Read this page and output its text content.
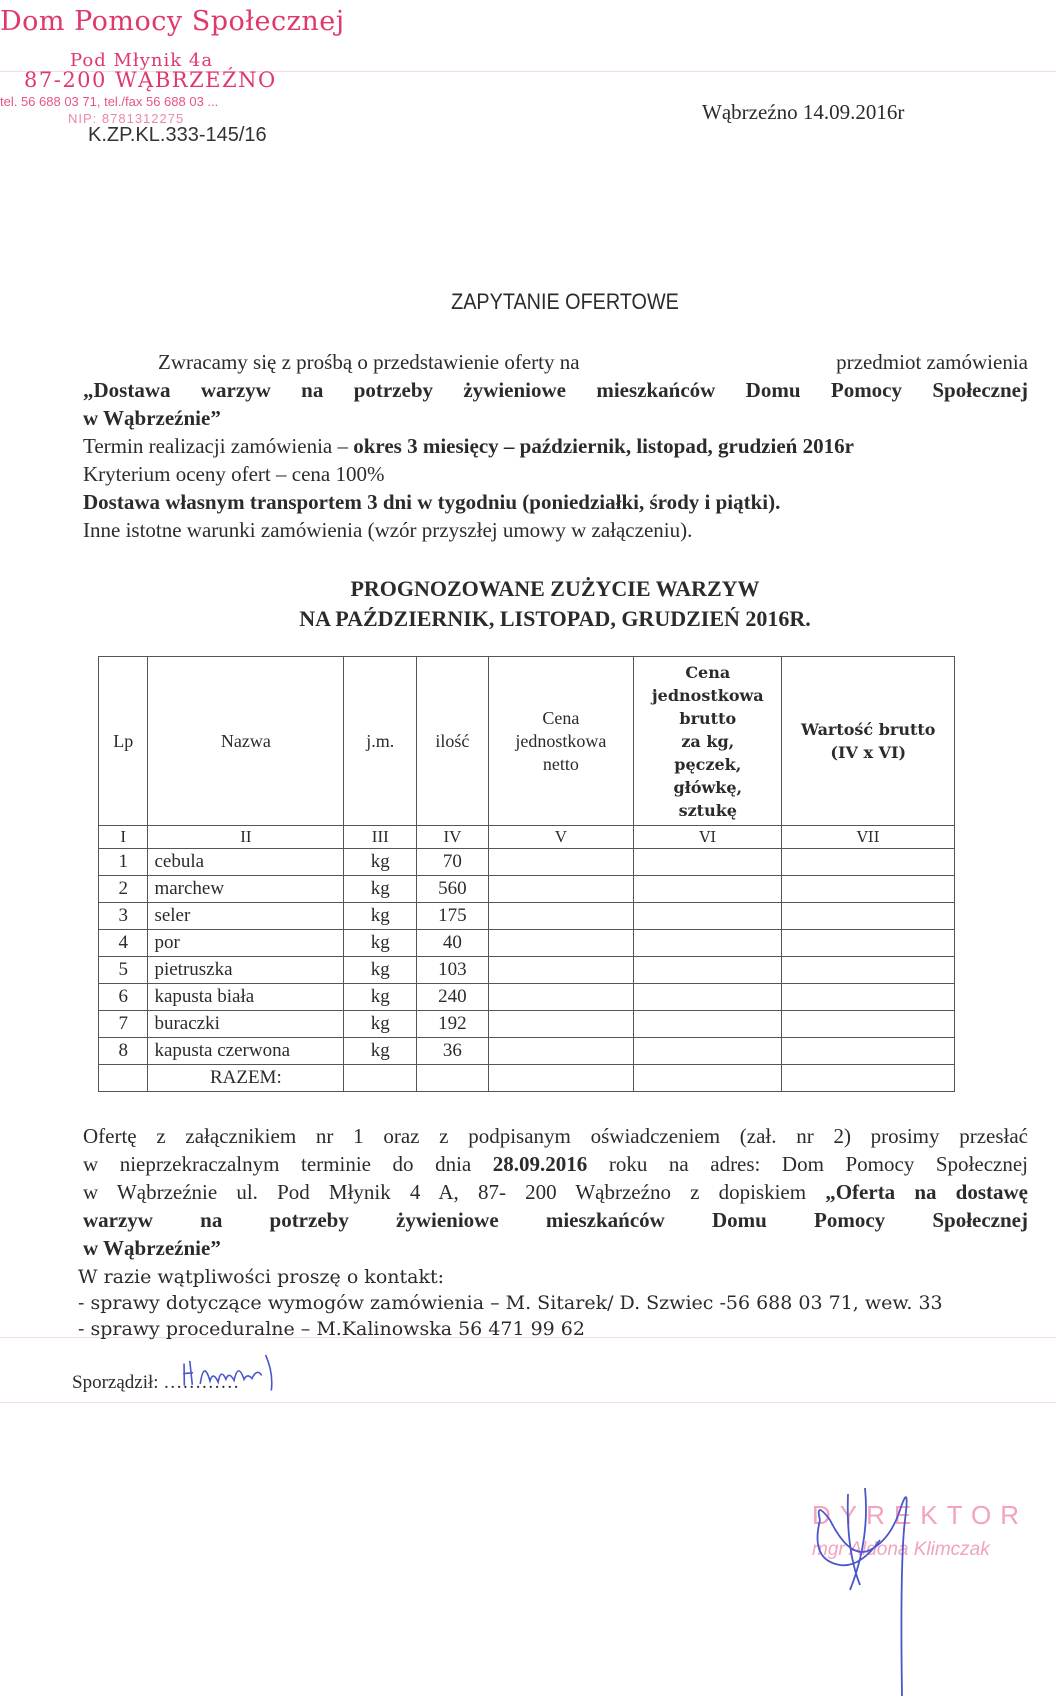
Dom Pomocy Społecznej
Pod Młynik 4a
87-200 WĄBRZEŹNO
tel. 56 688 03 71, tel./fax 56 688 03 ...
NIP: 8781312275
K.ZP.KL.333-145/16
Wąbrzeźno 14.09.2016r
ZAPYTANIE OFERTOWE
Zwracamy się z prośbą o przedstawienie oferty na	przedmiot zamówienia
„Dostawa warzyw na potrzeby żywieniowe mieszkańców Domu Pomocy Społecznej
w Wąbrzeźnie”
Termin realizacji zamówienia – okres 3 miesięcy – październik, listopad, grudzień 2016r
Kryterium oceny ofert – cena 100%
Dostawa własnym transportem 3 dni w tygodniu (poniedziałki, środy i piątki).
Inne istotne warunki zamówienia (wzór przyszłej umowy w załączeniu).
PROGNOZOWANE ZUŻYCIE WARZYW
NA PAŹDZIERNIK, LISTOPAD, GRUDZIEŃ 2016R.
Lp	Nazwa	j.m.	ilość	
Cena
jednostkowa
netto

Cena
jednostkowa
brutto
za kg,
pęczek,
główkę,
sztukę

Wartość brutto
(IV x VI)

I	II	III	IV	V	VI	VII
1	cebula	kg	70			
2	marchew	kg	560			
3	seler	kg	175			
4	por	kg	40			
5	pietruszka	kg	103			
6	kapusta biała	kg	240			
7	buraczki	kg	192			
8	kapusta czerwona	kg	36			
	RAZEM:					
Ofertę z załącznikiem nr 1 oraz z podpisanym oświadczeniem (zał. nr 2) prosimy przesłać
w nieprzekraczalnym terminie do dnia 28.09.2016 roku na adres: Dom Pomocy Społecznej
w Wąbrzeźnie ul. Pod Młynik 4 A, 87- 200 Wąbrzeźno z dopiskiem „Oferta na dostawę
warzyw na potrzeby żywieniowe mieszkańców Domu Pomocy Społecznej
w Wąbrzeźnie”
W razie wątpliwości proszę o kontakt:
- sprawy dotyczące wymogów zamówienia – M. Sitarek/ D. Szwiec -56 688 03 71, wew. 33
- sprawy proceduralne – M.Kalinowska 56 471 99 62
Sporządził: …………
DYREKTOR
mgr Aldona Klimczak
